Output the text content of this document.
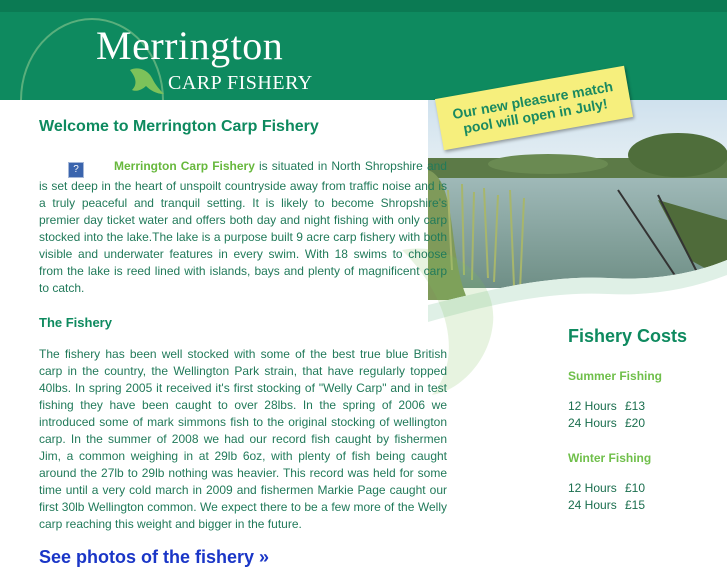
Merrington
CARP FISHERY	Our new pleasure match pool will open in July!
Welcome to Merrington Carp Fishery

?	Merrington Carp Fishery is situated in North Shropshire and is set deep in the heart of unspoilt countryside away from traffic noise and is a truly peaceful and tranquil setting. It is likely to become Shropshire's premier day ticket water and offers both day and night fishing with only carp stocked into the lake.The lake is a purpose built 9 acre carp fishery with both visible and underwater features in every swim. With 18 swims to choose from the lake is reed lined with islands, bays and plenty of magnificent carp to catch.

The Fishery

The fishery has been well stocked with some of the best true blue British carp in the country, the Wellington Park strain, that have regularly topped 40lbs. In spring 2005 it received it's first stocking of "Welly Carp" and in test fishing they have been caught to over 28lbs. In the spring of 2006 we introduced some of mark simmons fish to the original stocking of wellington carp. In the summer of 2008 we had our record fish caught by fishermen Jim, a common weighing in at 29lb 6oz, with plenty of fish being caught around the 27lb to 29lb nothing was heavier. This record was held for some time until a very cold march in 2009 and fishermen Markie Page caught our first 30lb Wellington common. We expect there to be a few more of the Welly carp reaching this weight and bigger in the future.

See photos of the fishery »
Fishery Costs
Summer Fishing
12 Hours £13
24 Hours £20
Winter Fishing
12 Hours £10
24 Hours £15
